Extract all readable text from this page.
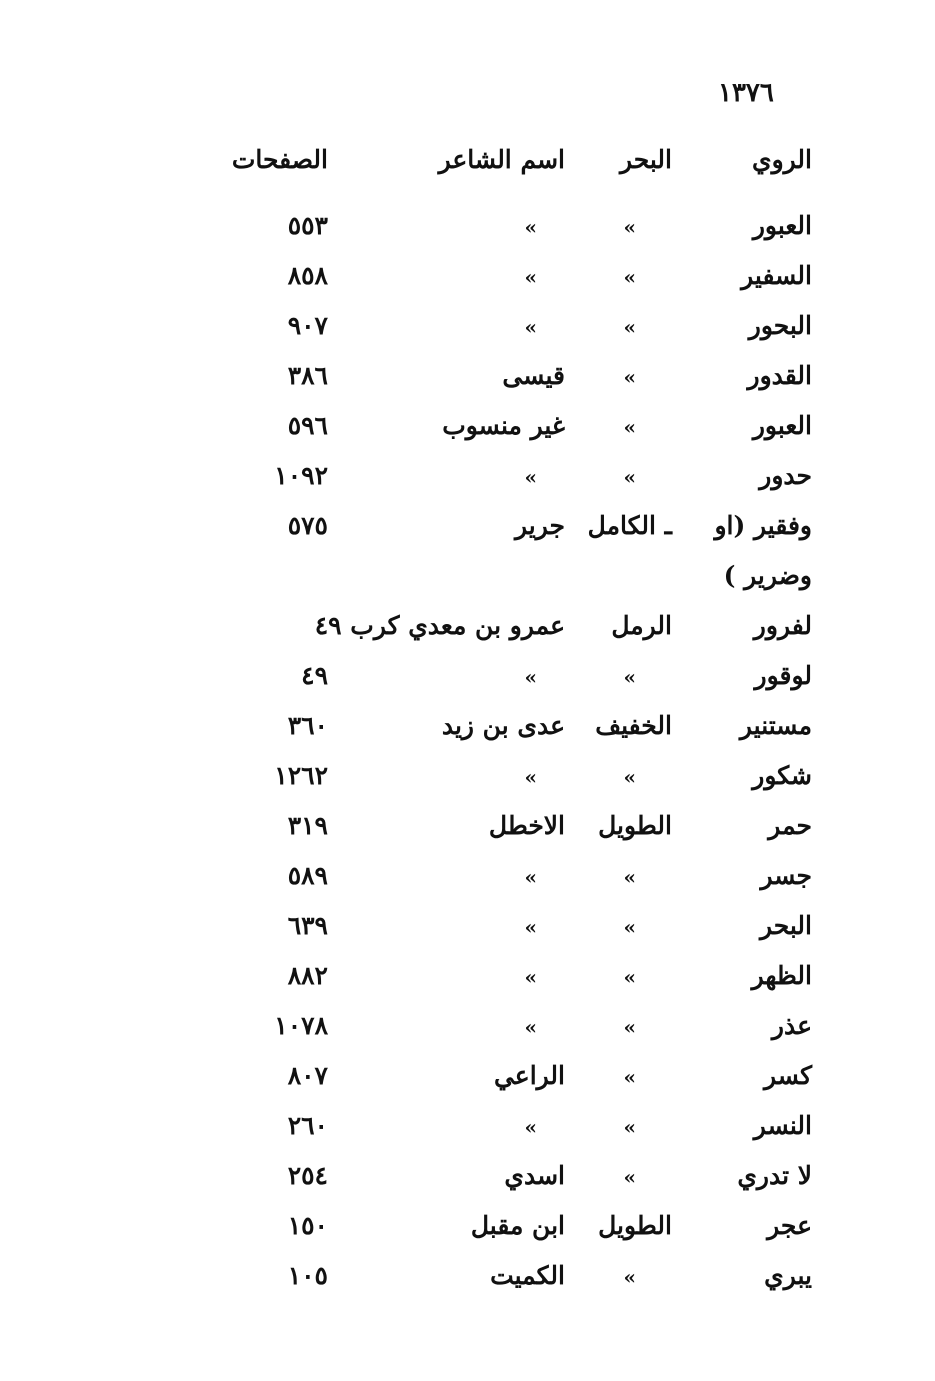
١٣٧٦
الروي
البحر
اسم الشاعر
الصفحات
العبور
»
»
٥٥٣
السفير
»
»
٨٥٨
البحور
»
»
٩٠٧
القدور
»
قيسى
٣٨٦
العبور
»
غير منسوب
٥٩٦
حدور
»
»
١٠٩٢
وفقير (او
ـ الكامل
جرير
٥٧٥
وضرير )
لفرور
الرمل
عمرو بن معدي كرب ٤٩
لوقور
»
»
٤٩
مستنير
الخفيف
عدى بن زيد
٣٦٠
شكور
»
»
١٢٦٢
حمر
الطويل
الاخطل
٣١٩
جسر
»
»
٥٨٩
البحر
»
»
٦٣٩
الظهر
»
»
٨٨٢
عذر
»
»
١٠٧٨
كسر
»
الراعي
٨٠٧
النسر
»
»
٢٦٠
لا تدري
»
اسدي
٢٥٤
عجر
الطويل
ابن مقبل
١٥٠
يبري
»
الكميت
١٠٥
